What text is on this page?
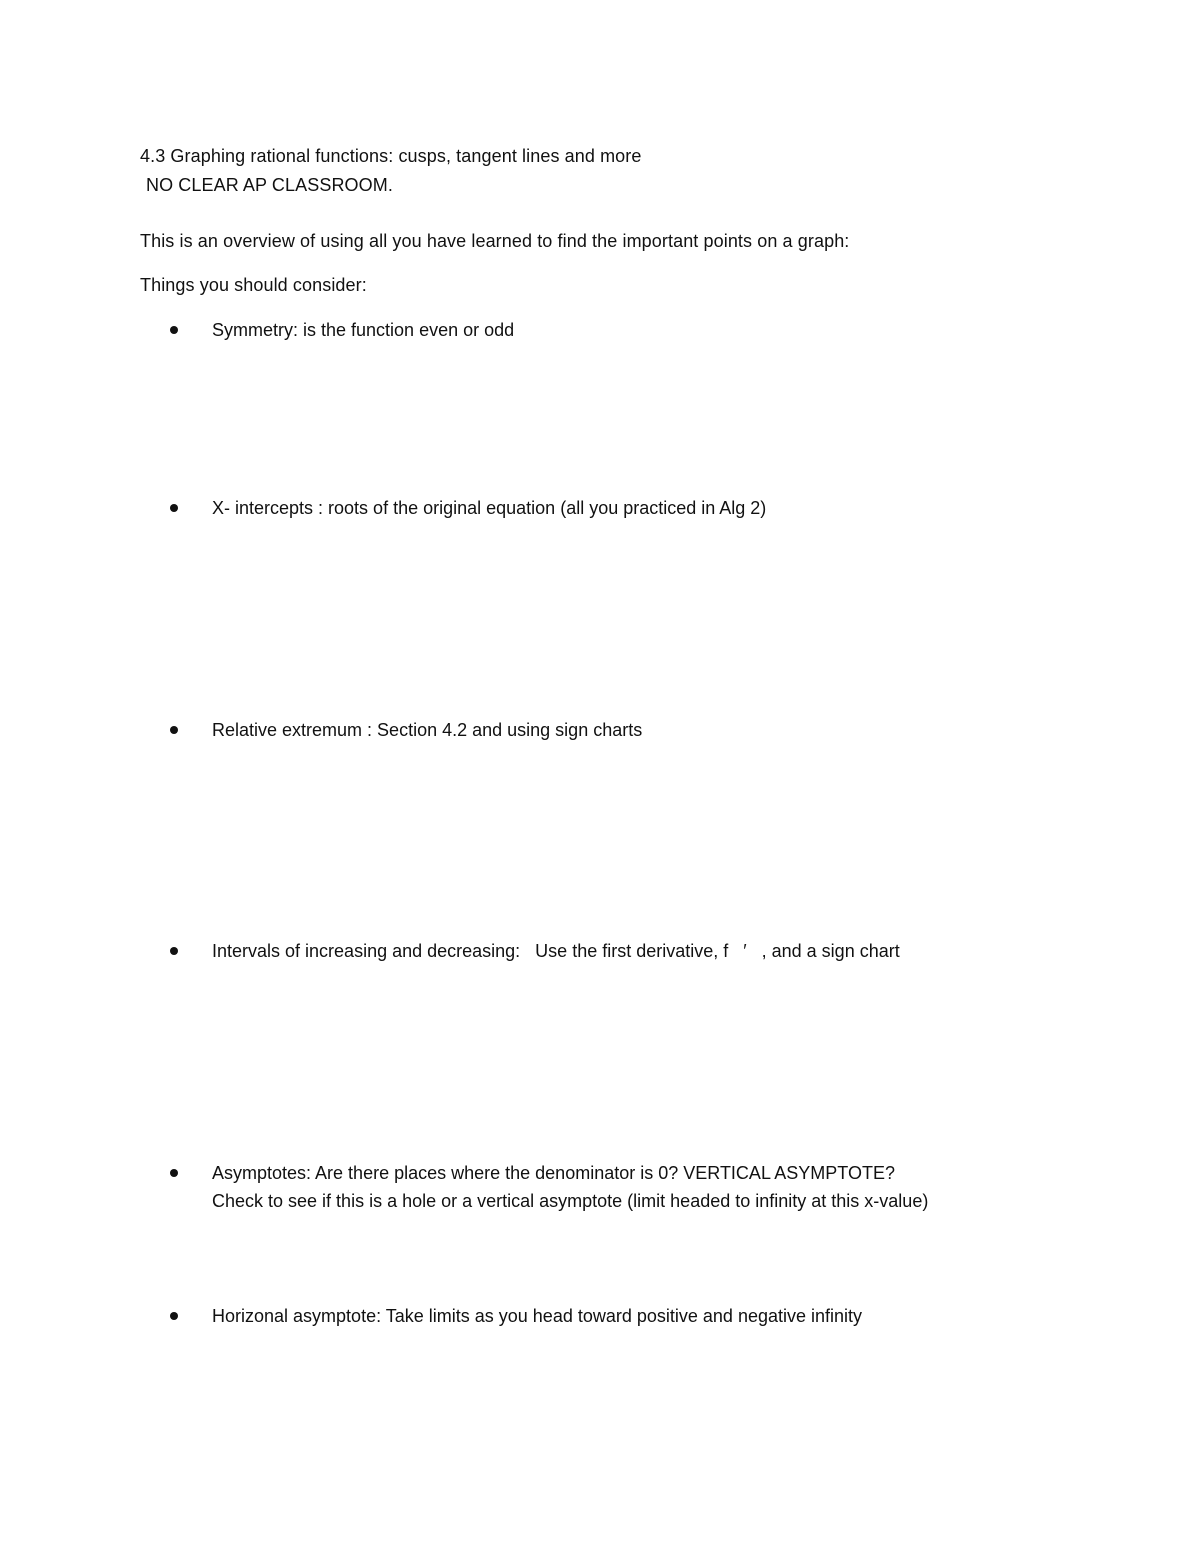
4.3 Graphing rational functions: cusps, tangent lines and more
NO CLEAR AP CLASSROOM.
This is an overview of using all you have learned to find the important points on a graph:
Things you should consider:
Symmetry: is the function even or odd
X- intercepts : roots of the original equation (all you practiced in Alg 2)
Relative extremum : Section 4.2 and using sign charts
Intervals of increasing and decreasing:   Use the first derivative, f   ′   , and a sign chart
Asymptotes: Are there places where the denominator is 0? VERTICAL ASYMPTOTE?
Check to see if this is a hole or a vertical asymptote (limit headed to infinity at this x-value)
Horizonal asymptote: Take limits as you head toward positive and negative infinity
